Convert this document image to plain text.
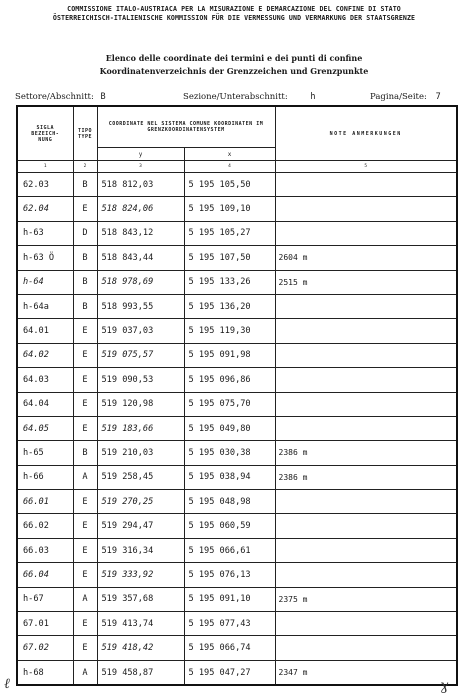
COMMISSIONE ITALO-AUSTRIACA PER LA MISURAZIONE E DEMARCAZIONE DEL CONFINE DI STATO
ÖSTERREICHISCH-ITALIENISCHE KOMMISSION FÜR DIE VERMESSUNG UND VERMARKUNG DER STAATSGRENZE
Elenco delle coordinate dei termini e dei punti di confine
Koordinatenverzeichnis der Grenzzeichen und Grenzpunkte
Settore/Abschnitt: B	Sezione/Unterabschnitt:	h	Pagina/Seite: 7
SIGLA BEZEICH- NUNG	TIPO TYPE	COORDINATE NEL SISTEMA COMUNE KOORDINATEN IM GRENZKOORDINATENSYSTEM		NOTE ANMERKUNGEN

		y	x	
1	2	3	4	5
62.03	B	518 812,03	5 195 105,50	
62.04	E	518 824,06	5 195 109,10	
h-63	D	518 843,12	5 195 105,27	
h-63 Ö	B	518 843,44	5 195 107,50	2604 m
h-64	B	518 978,69	5 195 133,26	2515 m
h-64a	B	518 993,55	5 195 136,20	
64.01	E	519 037,03	5 195 119,30	
64.02	E	519 075,57	5 195 091,98	
64.03	E	519 090,53	5 195 096,86	
64.04	E	519 120,98	5 195 075,70	
64.05	E	519 183,66	5 195 049,80	
h-65	B	519 210,03	5 195 030,38	2386 m
h-66	A	519 258,45	5 195 038,94	2386 m
66.01	E	519 270,25	5 195 048,98	
66.02	E	519 294,47	5 195 060,59	
66.03	E	519 316,34	5 195 066,61	
66.04	E	519 333,92	5 195 076,13	
h-67	A	519 357,68	5 195 091,10	2375 m
67.01	E	519 413,74	5 195 077,43	
67.02	E	519 418,42	5 195 066,74	
h-68	A	519 458,87	5 195 047,27	2347 m
ℓ	ɣ
